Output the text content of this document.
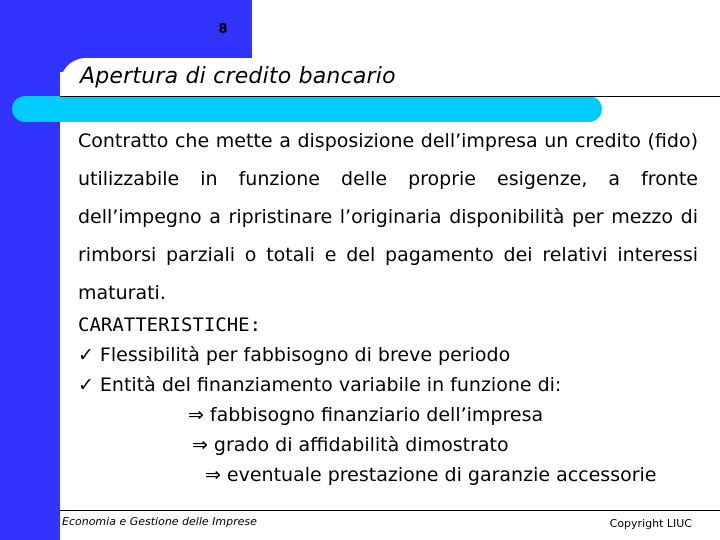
8
Apertura di credito bancario

Contratto che mette a disposizione dell’impresa un credito (fido) utilizzabile in funzione delle proprie esigenze, a fronte dell’impegno a ripristinare l’originaria disponibilità per mezzo di rimborsi parziali o totali e del pagamento dei relativi interessi maturati.

CARATTERISTICHE:
✓ Flessibilità per fabbisogno di breve periodo
✓ Entità del finanziamento variabile in funzione di:
⇒ fabbisogno finanziario dell’impresa
⇒ grado di affidabilità dimostrato
⇒ eventuale prestazione di garanzie accessorie
Economia e Gestione delle Imprese	Copyright LIUC
